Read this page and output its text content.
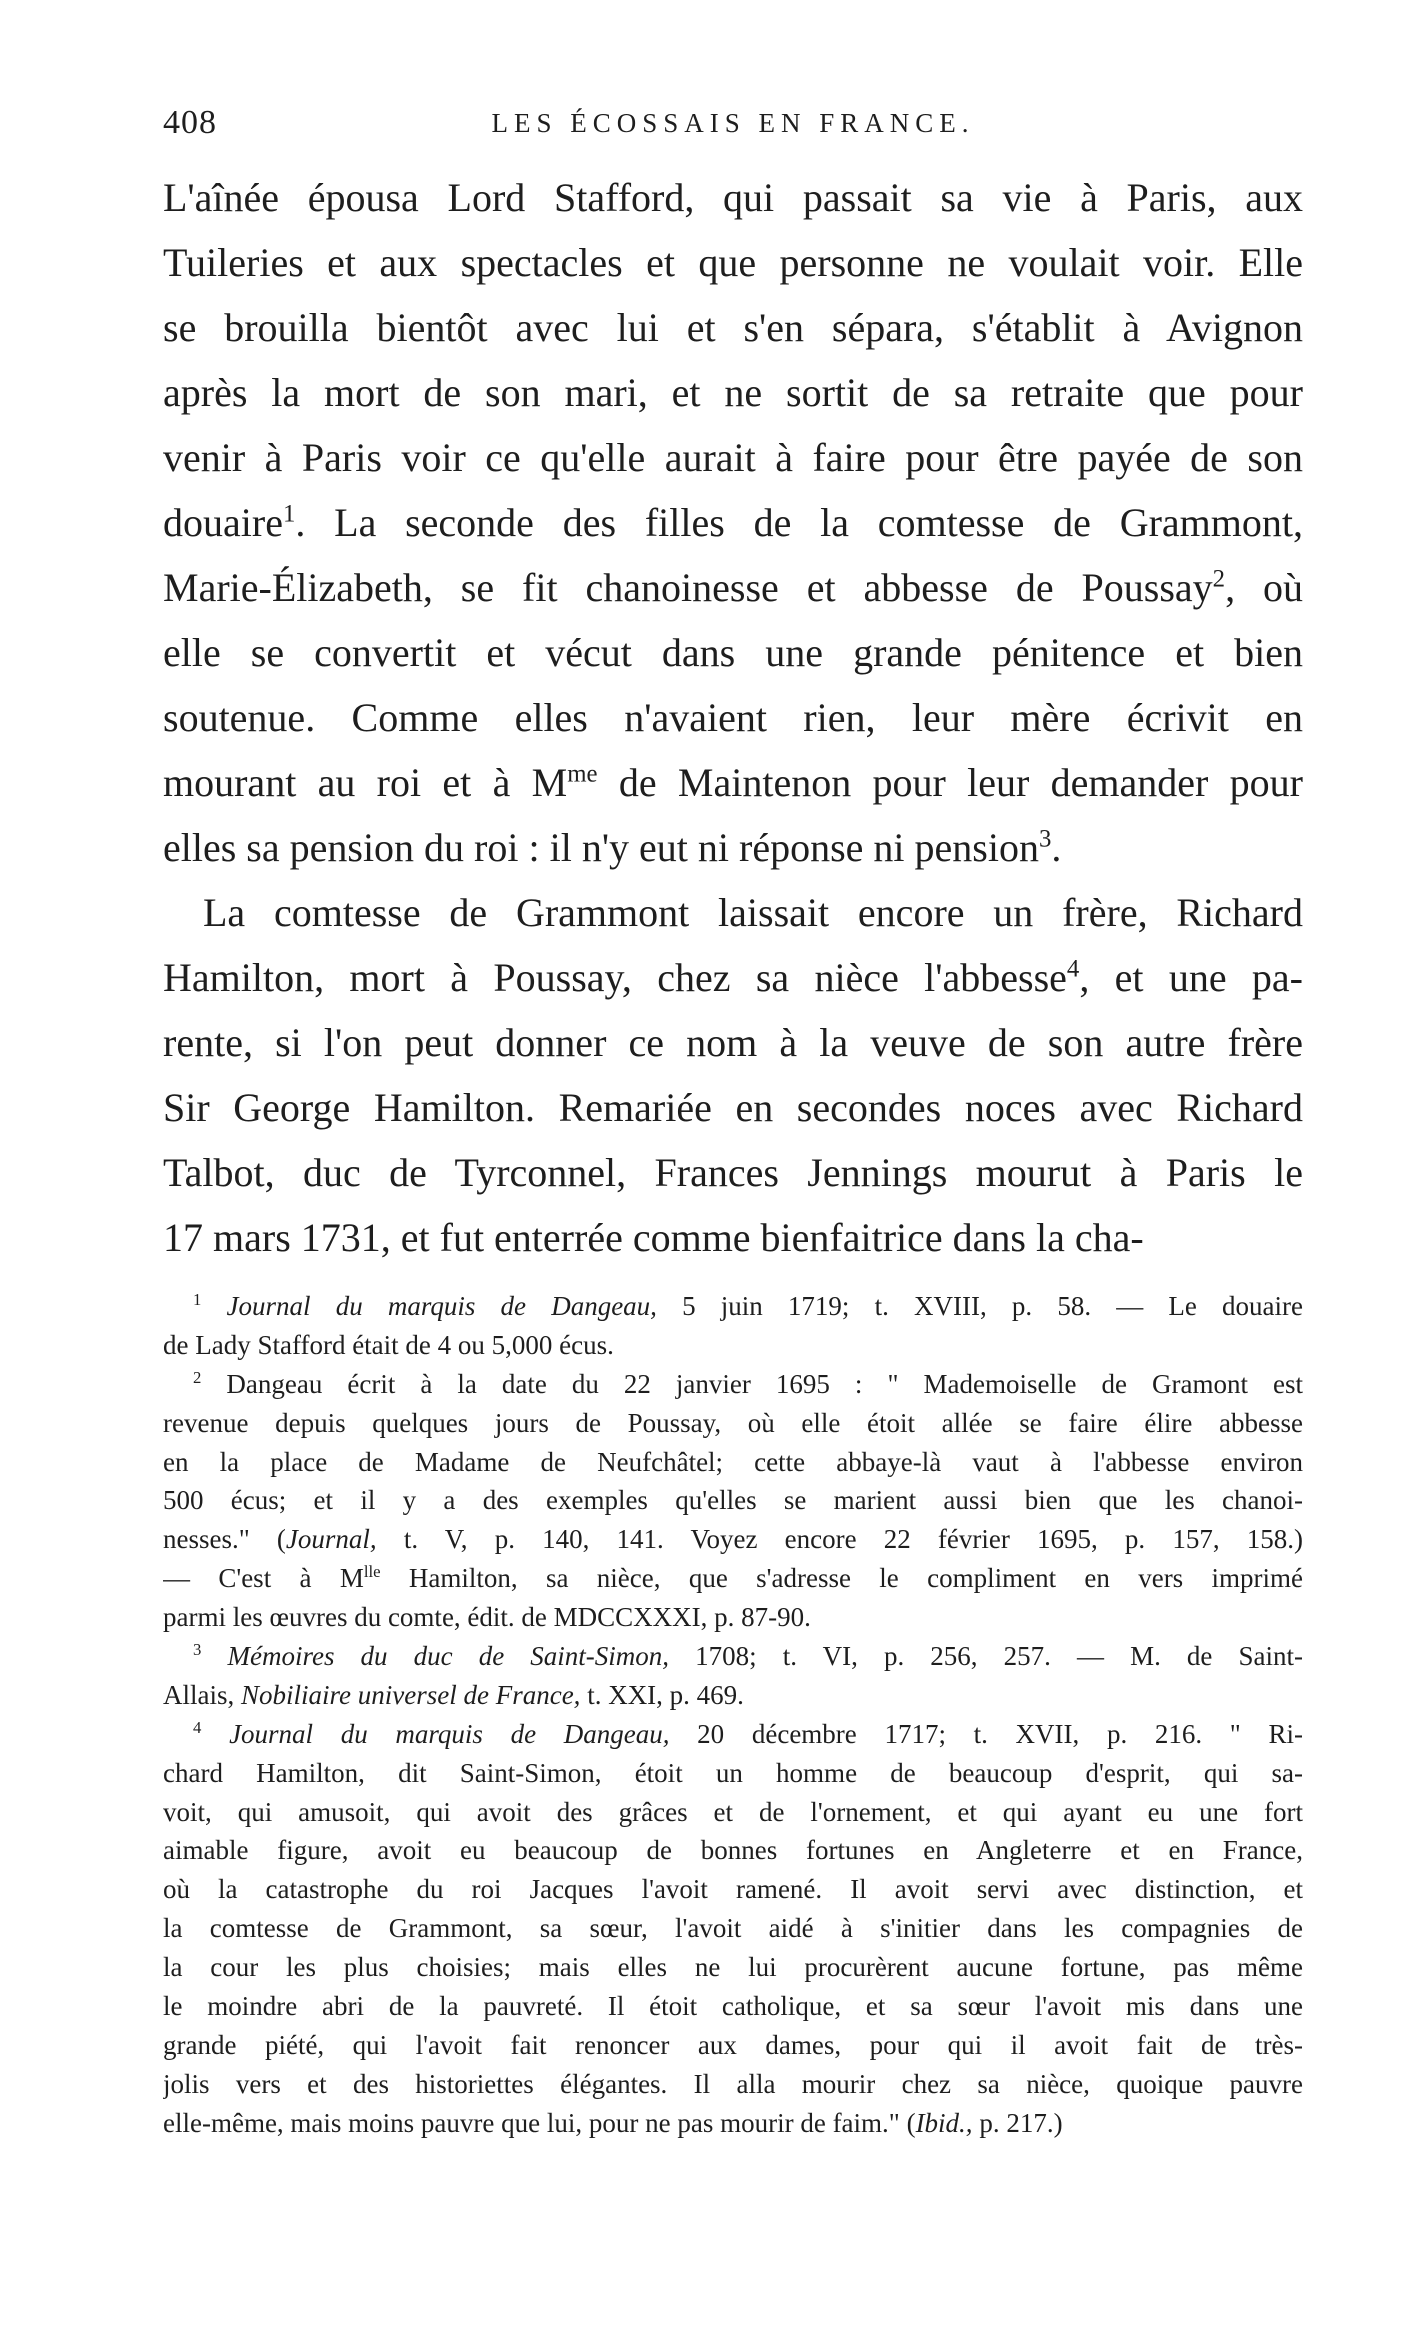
408	LES ÉCOSSAIS EN FRANCE.
L'aînée épousa Lord Stafford, qui passait sa vie à Paris, aux
Tuileries et aux spectacles et que personne ne voulait voir. Elle
se brouilla bientôt avec lui et s'en sépara, s'établit à Avignon
après la mort de son mari, et ne sortit de sa retraite que pour
venir à Paris voir ce qu'elle aurait à faire pour être payée de son
douaire$^1$. La seconde des filles de la comtesse de Grammont,
Marie-Élizabeth, se fit chanoinesse et abbesse de Poussay$^2$, où
elle se convertit et vécut dans une grande pénitence et bien
soutenue. Comme elles n'avaient rien, leur mère écrivit en
mourant au roi et à $M^{me}$ de Maintenon pour leur demander pour
elles sa pension du roi : il n'y eut ni réponse ni pension$^3$.
La comtesse de Grammont laissait encore un frère, Richard
Hamilton, mort à Poussay, chez sa nièce l'abbesse$^4$, et une pa-
rente, si l'on peut donner ce nom à la veuve de son autre frère
Sir George Hamilton. Remariée en secondes noces avec Richard
Talbot, duc de Tyrconnel, Frances Jennings mourut à Paris le
17 mars 1731, et fut enterrée comme bienfaitrice dans la cha-
$^1$ Journal du marquis de Dangeau, 5 juin 1719; t. XVIII, p. 58. — Le douaire
de Lady Stafford était de 4 ou 5,000 écus.
$^2$ Dangeau écrit à la date du 22 janvier 1695 : " Mademoiselle de Gramont est
revenue depuis quelques jours de Poussay, où elle étoit allée se faire élire abbesse
en la place de Madame de Neufchâtel; cette abbaye-là vaut à l'abbesse environ
500 écus; et il y a des exemples qu'elles se marient aussi bien que les chanoi-
nesses." (Journal, t. V, p. 140, 141. Voyez encore 22 février 1695, p. 157, 158.)
— C'est à $M^{lle}$ Hamilton, sa nièce, que s'adresse le compliment en vers imprimé
parmi les œuvres du comte, édit. de MDCCXXXI, p. 87-90.
$^3$ Mémoires du duc de Saint-Simon, 1708; t. VI, p. 256, 257. — M. de Saint-
Allais, Nobiliaire universel de France, t. XXI, p. 469.
$^4$ Journal du marquis de Dangeau, 20 décembre 1717; t. XVII, p. 216. " Ri-
chard Hamilton, dit Saint-Simon, étoit un homme de beaucoup d'esprit, qui sa-
voit, qui amusoit, qui avoit des grâces et de l'ornement, et qui ayant eu une fort
aimable figure, avoit eu beaucoup de bonnes fortunes en Angleterre et en France,
où la catastrophe du roi Jacques l'avoit ramené. Il avoit servi avec distinction, et
la comtesse de Grammont, sa sœur, l'avoit aidé à s'initier dans les compagnies de
la cour les plus choisies; mais elles ne lui procurèrent aucune fortune, pas même
le moindre abri de la pauvreté. Il étoit catholique, et sa sœur l'avoit mis dans une
grande piété, qui l'avoit fait renoncer aux dames, pour qui il avoit fait de très-
jolis vers et des historiettes élégantes. Il alla mourir chez sa nièce, quoique pauvre
elle-même, mais moins pauvre que lui, pour ne pas mourir de faim." (Ibid., p. 217.)
